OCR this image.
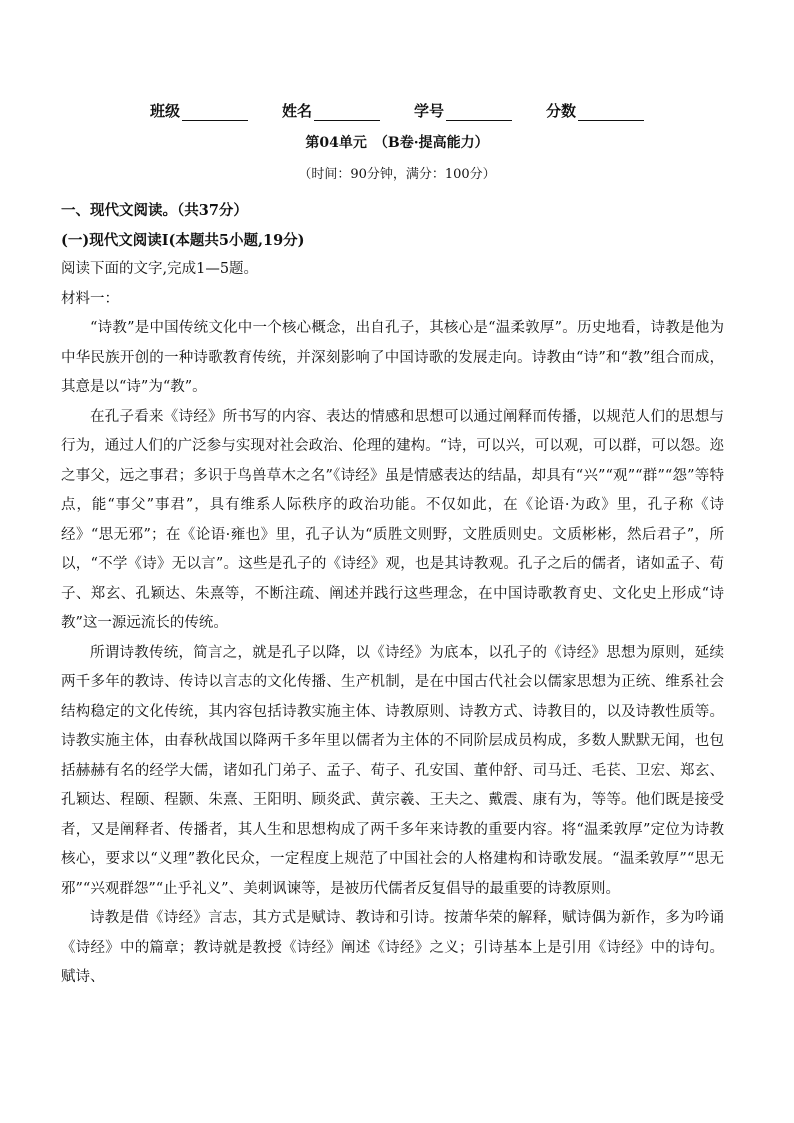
班级	姓名	学号	分数
第04单元　（B卷·提高能力）
（时间：90分钟，满分：100分）

一、现代文阅读。（共37分）

(一)现代文阅读Ⅰ(本题共5小题,19分)

阅读下面的文字,完成1—5题。

材料一：

“诗教”是中国传统文化中一个核心概念，出自孔子，其核心是“温柔敦厚”。历史地看，诗教是他为中华民族开创的一种诗歌教育传统，并深刻影响了中国诗歌的发展走向。诗教由“诗”和“教”组合而成，其意是以“诗”为“教”。

在孔子看来《诗经》所书写的内容、表达的情感和思想可以通过阐释而传播，以规范人们的思想与行为，通过人们的广泛参与实现对社会政治、伦理的建构。“诗，可以兴，可以观，可以群，可以怨。迩之事父，远之事君；多识于鸟兽草木之名”《诗经》虽是情感表达的结晶，却具有“兴”“观”“群”“怨”等特点，能“事父”事君”，具有维系人际秩序的政治功能。不仅如此，在《论语·为政》里，孔子称《诗经》“思无邪”；在《论语·雍也》里，孔子认为“质胜文则野，文胜质则史。文质彬彬，然后君子”，所以，“不学《诗》无以言”。这些是孔子的《诗经》观，也是其诗教观。孔子之后的儒者，诸如孟子、荀子、郑玄、孔颖达、朱熹等，不断注疏、阐述并践行这些理念，在中国诗歌教育史、文化史上形成“诗教”这一源远流长的传统。

所谓诗教传统，简言之，就是孔子以降，以《诗经》为底本，以孔子的《诗经》思想为原则，延续两千多年的教诗、传诗以言志的文化传播、生产机制，是在中国古代社会以儒家思想为正统、维系社会结构稳定的文化传统，其内容包括诗教实施主体、诗教原则、诗教方式、诗教目的，以及诗教性质等。诗教实施主体，由春秋战国以降两千多年里以儒者为主体的不同阶层成员构成，多数人默默无闻，也包括赫赫有名的经学大儒，诸如孔门弟子、孟子、荀子、孔安国、董仲舒、司马迁、毛苌、卫宏、郑玄、孔颖达、程颐、程颢、朱熹、王阳明、顾炎武、黄宗羲、王夫之、戴震、康有为，等等。他们既是接受者，又是阐释者、传播者，其人生和思想构成了两千多年来诗教的重要内容。将“温柔敦厚”定位为诗教核心，要求以“义理”教化民众，一定程度上规范了中国社会的人格建构和诗歌发展。“温柔敦厚”“思无邪”“兴观群怨”“止乎礼义”、美刺讽谏等，是被历代儒者反复倡导的最重要的诗教原则。

诗教是借《诗经》言志，其方式是赋诗、教诗和引诗。按萧华荣的解释，赋诗偶为新作，多为吟诵《诗经》中的篇章；教诗就是教授《诗经》阐述《诗经》之义；引诗基本上是引用《诗经》中的诗句。赋诗、
